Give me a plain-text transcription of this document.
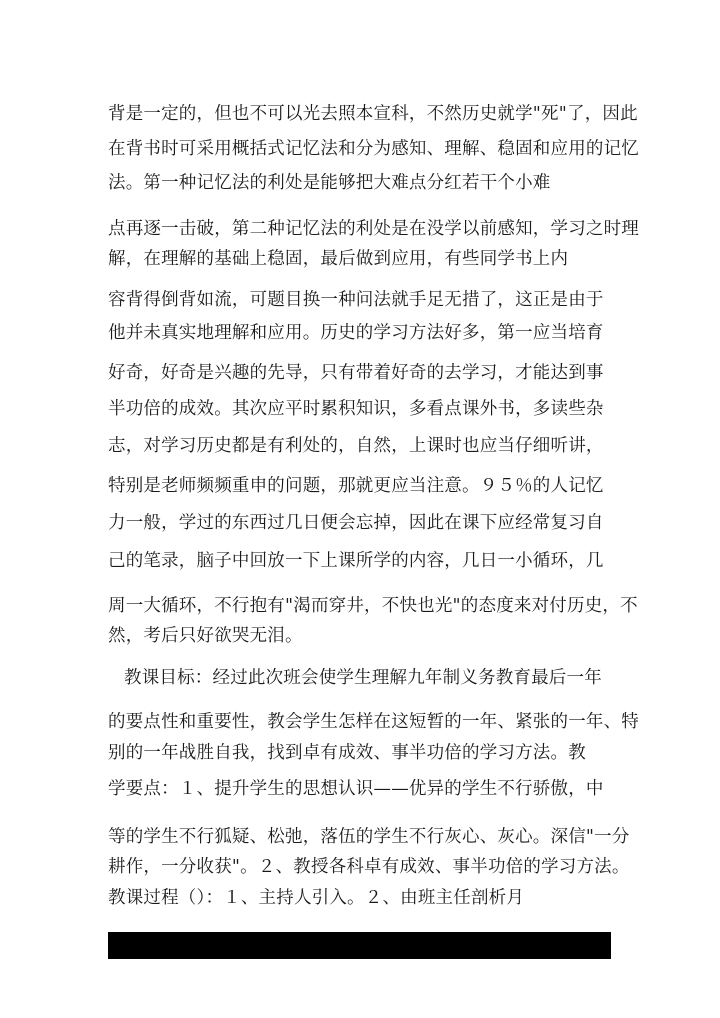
背是一定的，但也不可以光去照本宣科，不然历史就学"死"了，因此
在背书时可采用概括式记忆法和分为感知、理解、稳固和应用的记忆
法。第一种记忆法的利处是能够把大难点分红若干个小难
点再逐一击破，第二种记忆法的利处是在没学以前感知，学习之时理
解，在理解的基础上稳固，最后做到应用，有些同学书上内
容背得倒背如流，可题目换一种问法就手足无措了，这正是由于
他并未真实地理解和应用。历史的学习方法好多，第一应当培育
好奇，好奇是兴趣的先导，只有带着好奇的去学习，才能达到事
半功倍的成效。其次应平时累积知识，多看点课外书，多读些杂
志，对学习历史都是有利处的，自然，上课时也应当仔细听讲，
特别是老师频频重申的问题，那就更应当注意。９５％的人记忆
力一般，学过的东西过几日便会忘掉，因此在课下应经常复习自
己的笔录，脑子中回放一下上课所学的内容，几日一小循环，几
周一大循环，不行抱有"渴而穿井，不快也光"的态度来对付历史，不
然，考后只好欲哭无泪。
教课目标：经过此次班会使学生理解九年制义务教育最后一年
的要点性和重要性，教会学生怎样在这短暂的一年、紧张的一年、特
别的一年战胜自我，找到卓有成效、事半功倍的学习方法。教
学要点：１、提升学生的思想认识——优异的学生不行骄傲，中
等的学生不行狐疑、松弛，落伍的学生不行灰心、灰心。深信"一分
耕作，一分收获"。２、教授各科卓有成效、事半功倍的学习方法。
教课过程（）：１、主持人引入。２、由班主任剖析月
